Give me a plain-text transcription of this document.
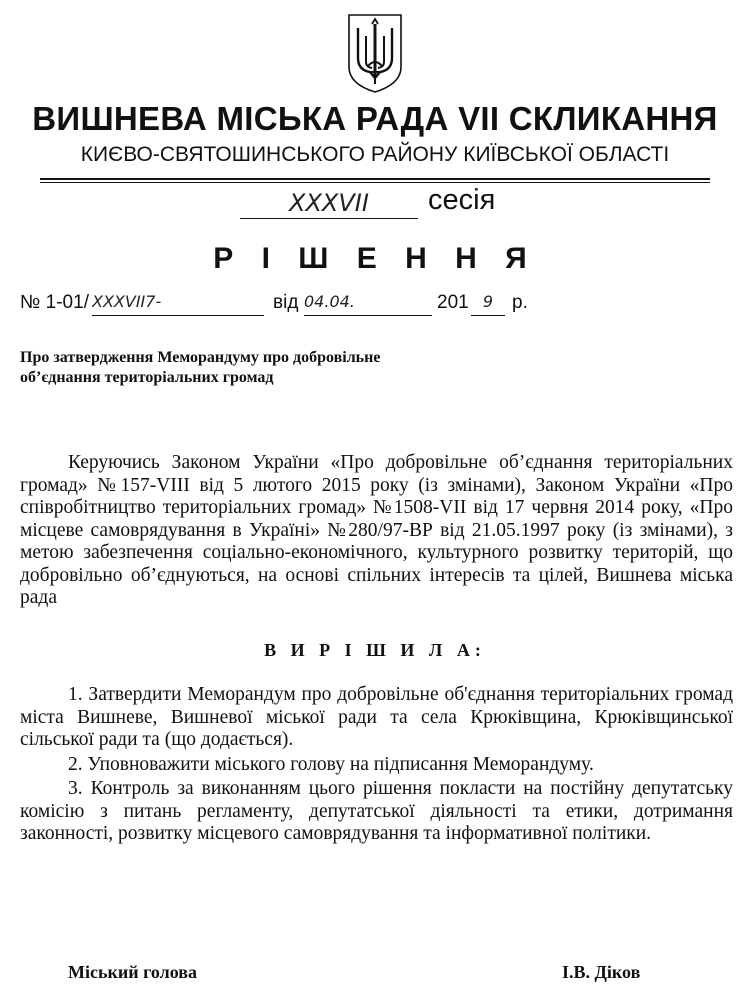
ВИШНЕВА МІСЬКА РАДА VII СКЛИКАННЯ
КИЄВО-СВЯТОШИНСЬКОГО РАЙОНУ КИЇВСЬКОЇ ОБЛАСТІ
XXXVII	сесія
Р І Ш Е Н Н Я
№ 1-01/ XXXVII7-	від 04.04.	201 9 р.
Про затвердження Меморандуму про добровільне
об’єднання територіальних громад
Керуючись Законом України «Про добровільне об’єднання територіальних громад» №157-VIII від 5 лютого 2015 року (із змінами), Законом України «Про співробітництво територіальних громад» №1508-VII від 17 червня 2014 року, «Про місцеве самоврядування в Україні» №280/97-ВР від 21.05.1997 року (із змінами), з метою забезпечення соціально-економічного, культурного розвитку територій, що добровільно об’єднуються, на основі спільних інтересів та цілей, Вишнева міська рада
В И Р І Ш И Л А:
1. Затвердити Меморандум про добровільне об'єднання територіальних громад міста Вишневе, Вишневої міської ради та села Крюківщина, Крюківщинської сільської ради та (що додається).
2. Уповноважити міського голову на підписання Меморандуму.
3. Контроль за виконанням цього рішення покласти на постійну депутатську комісію з питань регламенту, депутатської діяльності та етики, дотримання законності, розвитку місцевого самоврядування та інформативної політики.
Міський голова	І.В. Діков
